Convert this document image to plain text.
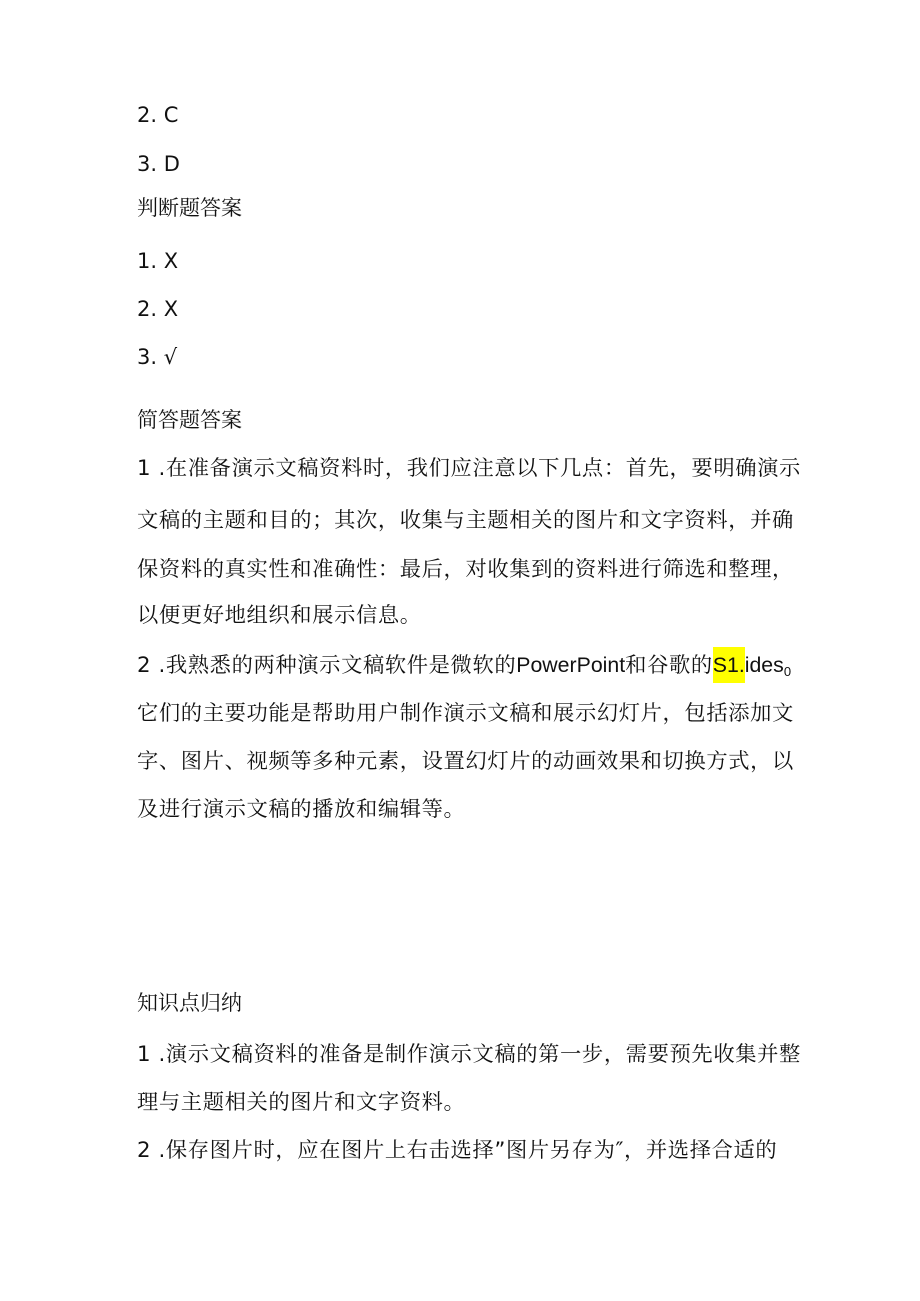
2. C
3. D
判断题答案
1. X
2. X
3. √
简答题答案
1 .在准备演示文稿资料时，我们应注意以下几点：首先，要明确演示
文稿的主题和目的；其次，收集与主题相关的图片和文字资料，并确
保资料的真实性和准确性：最后，对收集到的资料进行筛选和整理，
以便更好地组织和展示信息。
2 .我熟悉的两种演示文稿软件是微软的PowerPoint和谷歌的S1.ides$_0$
它们的主要功能是帮助用户制作演示文稿和展示幻灯片，包括添加文
字、图片、视频等多种元素，设置幻灯片的动画效果和切换方式，以
及进行演示文稿的播放和编辑等。
知识点归纳
1 .演示文稿资料的准备是制作演示文稿的第一步，需要预先收集并整
理与主题相关的图片和文字资料。
2 .保存图片时，应在图片上右击选择”图片另存为″，并选择合适的
